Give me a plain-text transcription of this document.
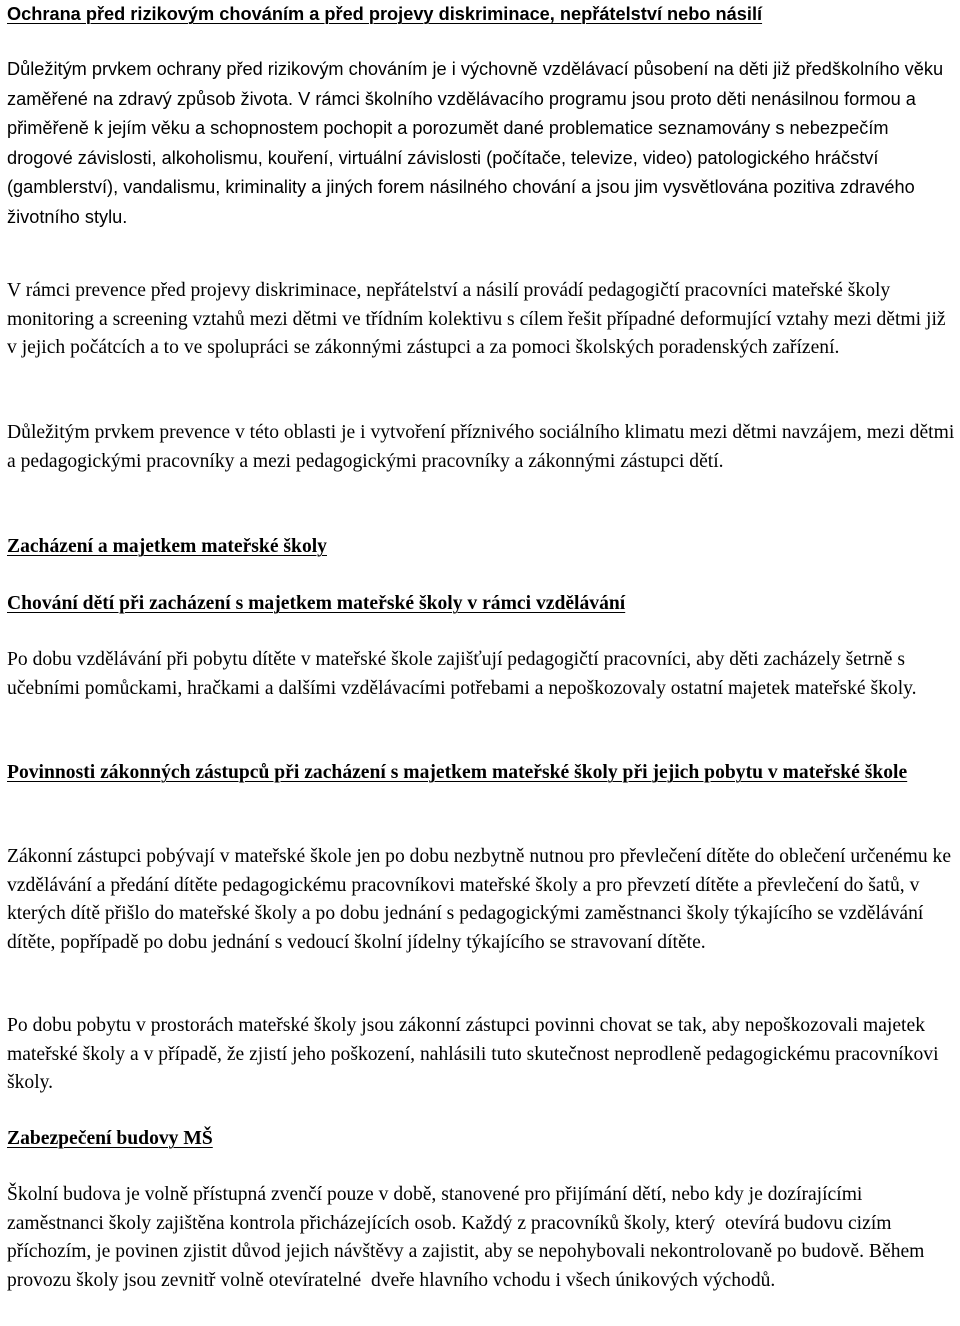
Ochrana před rizikovým chováním a před projevy diskriminace, nepřátelství nebo násilí

Důležitým prvkem ochrany před rizikovým chováním je i výchovně vzdělávací působení na děti již předškolního věku zaměřené na zdravý způsob života. V rámci školního vzdělávacího programu jsou proto děti nenásilnou formou a přiměřeně k jejím věku a schopnostem pochopit a porozumět dané problematice seznamovány s nebezpečím drogové závislosti, alkoholismu, kouření, virtuální závislosti (počítače, televize, video) patologického hráčství (gamblerství), vandalismu, kriminality a jiných forem násilného chování a jsou jim vysvětlována pozitiva zdravého životního stylu.

V rámci prevence před projevy diskriminace, nepřátelství a násilí provádí pedagogičtí pracovníci mateřské školy monitoring a screening vztahů mezi dětmi ve třídním kolektivu s cílem řešit případné deformující vztahy mezi dětmi již v jejich počátcích a to ve spolupráci se zákonnými zástupci a za pomoci školských poradenských zařízení.

Důležitým prvkem prevence v této oblasti je i vytvoření příznivého sociálního klimatu mezi dětmi navzájem, mezi dětmi a pedagogickými pracovníky a mezi pedagogickými pracovníky a zákonnými zástupci dětí.

Zacházení a majetkem mateřské školy
Chování dětí při zacházení s majetkem mateřské školy v rámci vzdělávání

Po dobu vzdělávání při pobytu dítěte v mateřské škole zajišťují pedagogičtí pracovníci, aby děti zacházely šetrně s učebními pomůckami, hračkami a dalšími vzdělávacími potřebami a nepoškozovaly ostatní majetek mateřské školy.

Povinnosti zákonných zástupců při zacházení s majetkem mateřské školy při jejich pobytu v mateřské škole

Zákonní zástupci pobývají v mateřské škole jen po dobu nezbytně nutnou pro převlečení dítěte do oblečení určenému ke vzdělávání a předání dítěte pedagogickému pracovníkovi mateřské školy a pro převzetí dítěte a převlečení do šatů, v kterých dítě přišlo do mateřské školy a po dobu jednání s pedagogickými zaměstnanci školy týkajícího se vzdělávání dítěte, popřípadě po dobu jednání s vedoucí školní jídelny týkajícího se stravovaní dítěte.

Po dobu pobytu v prostorách mateřské školy jsou zákonní zástupci povinni chovat se tak, aby nepoškozovali majetek mateřské školy a v případě, že zjistí jeho poškození, nahlásili tuto skutečnost neprodleně pedagogickému pracovníkovi školy.

Zabezpečení budovy MŠ

Školní budova je volně přístupná zvenčí pouze v době, stanovené pro přijímání dětí, nebo kdy je dozírajícími zaměstnanci školy zajištěna kontrola přicházejících osob. Každý z pracovníků školy, který  otevírá budovu cizím příchozím, je povinen zjistit důvod jejich návštěvy a zajistit, aby se nepohybovali nekontrolovaně po budově. Během provozu školy jsou zevnitř volně otevíratelné  dveře hlavního vchodu i všech únikových východů.
